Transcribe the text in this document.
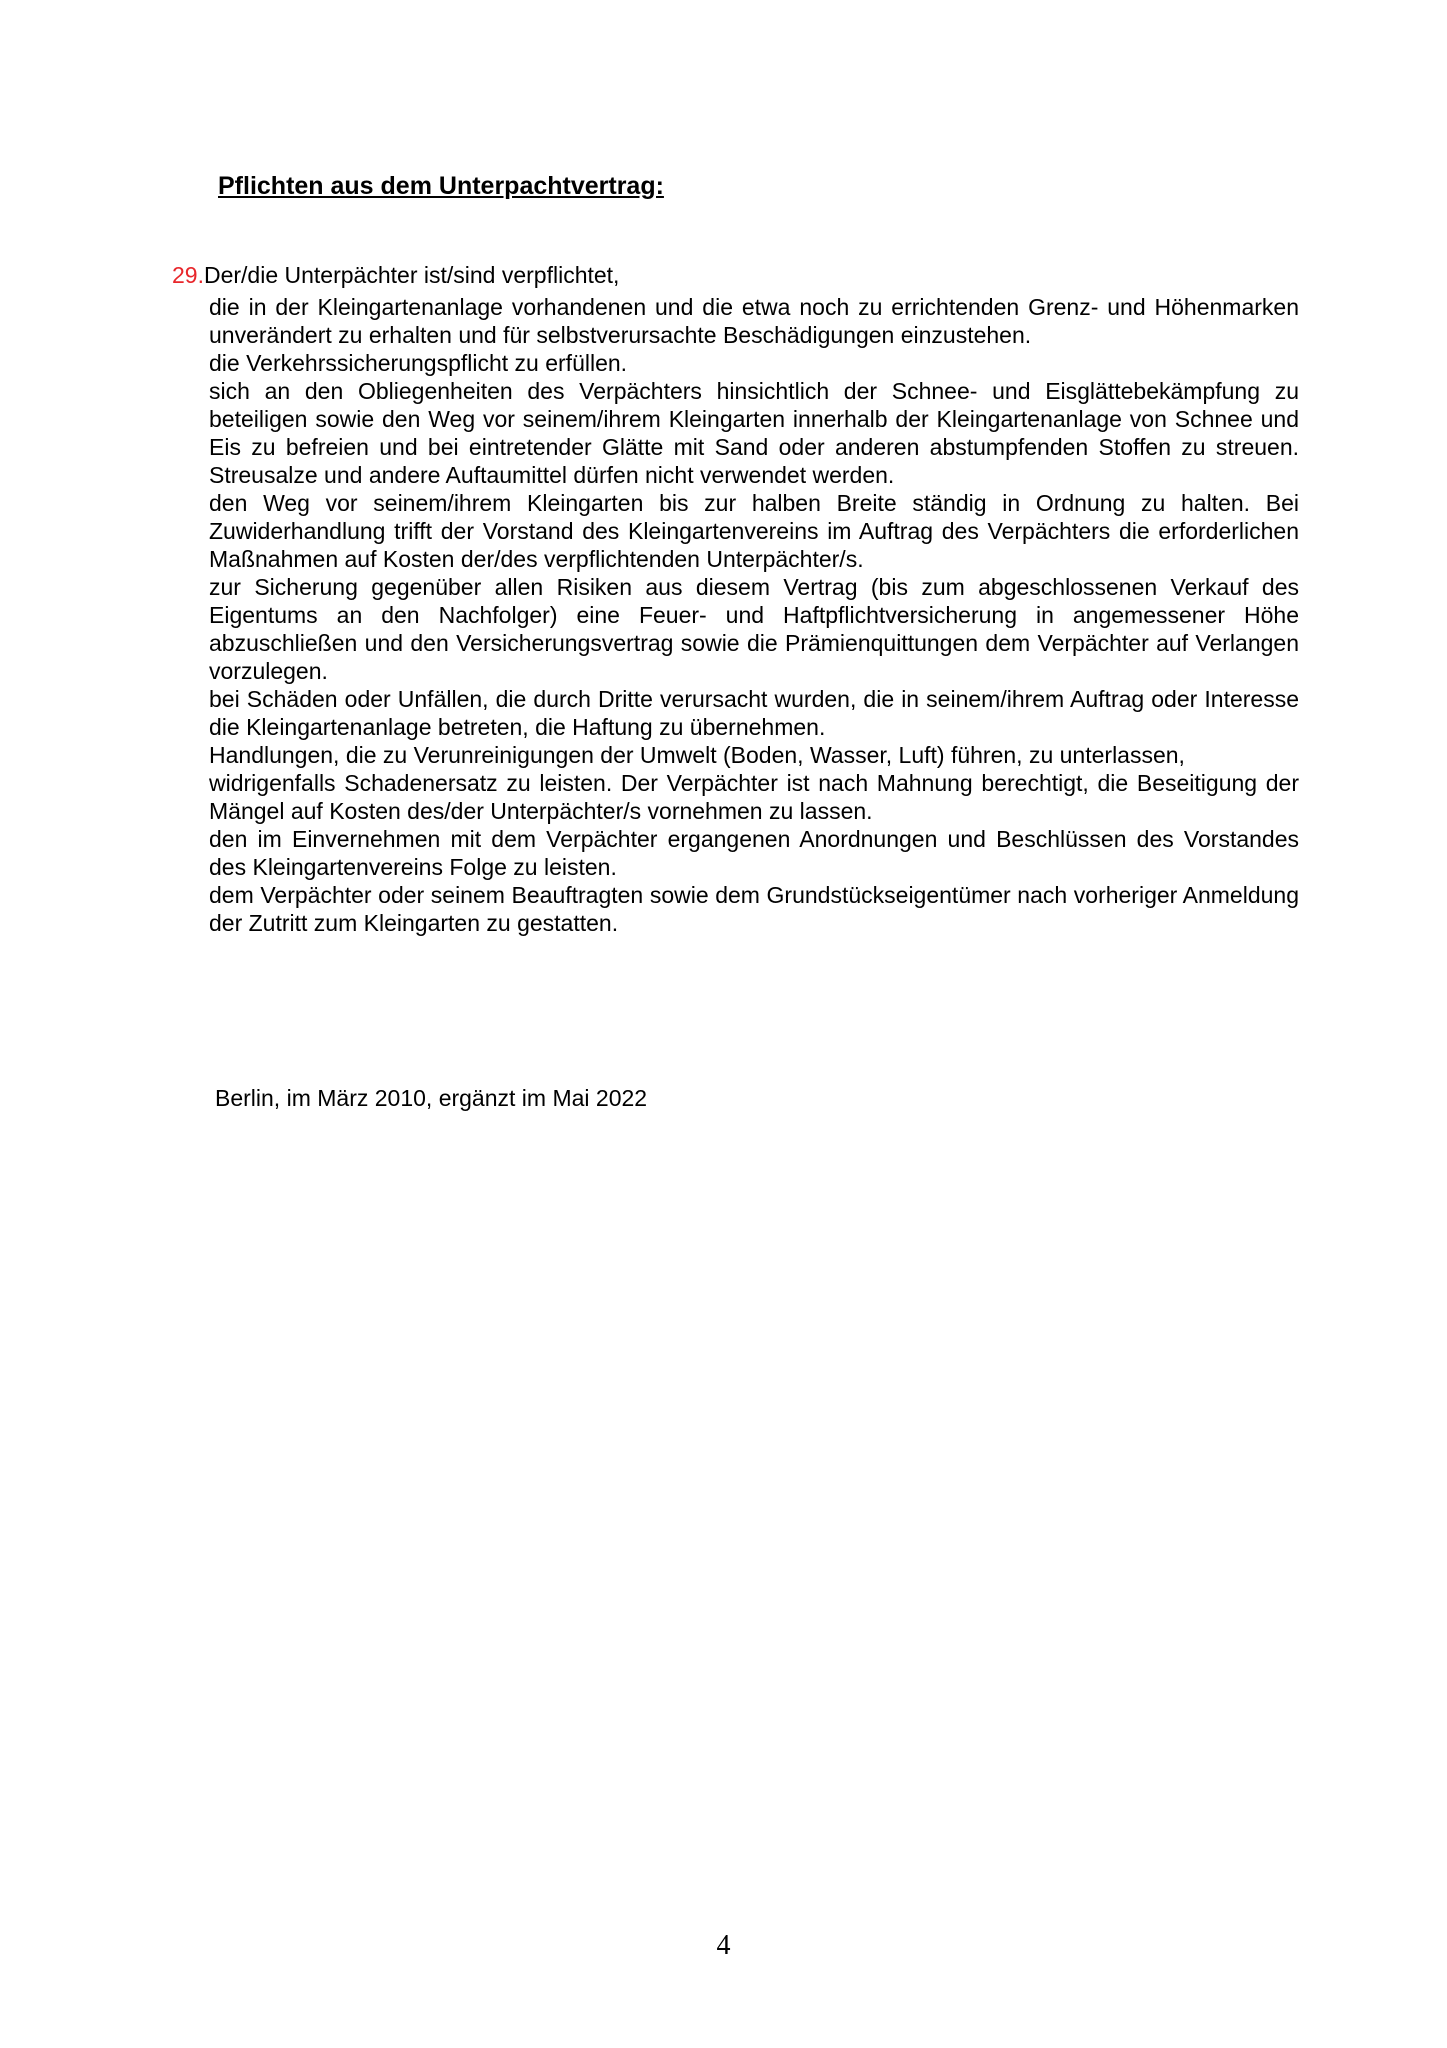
Pflichten aus dem Unterpachtvertrag:
29.Der/die Unterpächter ist/sind verpflichtet,

die in der Kleingartenanlage vorhandenen und die etwa noch zu errichtenden Grenz- und Höhenmarken unverändert zu erhalten und für selbstverursachte Beschädigungen einzustehen.

die Verkehrssicherungspflicht zu erfüllen.

sich an den Obliegenheiten des Verpächters hinsichtlich der Schnee- und Eisglättebekämpfung zu beteiligen sowie den Weg vor seinem/ihrem Kleingarten innerhalb der Kleingartenanlage von Schnee und Eis zu befreien und bei eintretender Glätte mit Sand oder anderen abstumpfenden Stoffen zu streuen. Streusalze und andere Auftaumittel dürfen nicht verwendet werden.

den Weg vor seinem/ihrem Kleingarten bis zur halben Breite ständig in Ordnung zu halten. Bei Zuwiderhandlung trifft der Vorstand des Kleingartenvereins im Auftrag des Verpächters die erforderlichen Maßnahmen auf Kosten der/des verpflichtenden Unterpächter/s.

zur Sicherung gegenüber allen Risiken aus diesem Vertrag (bis zum abgeschlossenen Verkauf des Eigentums an den Nachfolger) eine Feuer- und Haftpflichtversicherung in angemessener Höhe abzuschließen und den Versicherungsvertrag sowie die Prämienquittungen dem Verpächter auf Verlangen vorzulegen.

bei Schäden oder Unfällen, die durch Dritte verursacht wurden, die in seinem/ihrem Auftrag oder Interesse die Kleingartenanlage betreten, die Haftung zu übernehmen.

Handlungen, die zu Verunreinigungen der Umwelt (Boden, Wasser, Luft) führen, zu unterlassen,

widrigenfalls Schadenersatz zu leisten. Der Verpächter ist nach Mahnung berechtigt, die Beseitigung der Mängel auf Kosten des/der Unterpächter/s vornehmen zu lassen.

den im Einvernehmen mit dem Verpächter ergangenen Anordnungen und Beschlüssen des Vorstandes des Kleingartenvereins Folge zu leisten.

dem Verpächter oder seinem Beauftragten sowie dem Grundstückseigentümer nach vorheriger Anmeldung der Zutritt zum Kleingarten zu gestatten.

Berlin, im März 2010, ergänzt im Mai 2022
4
